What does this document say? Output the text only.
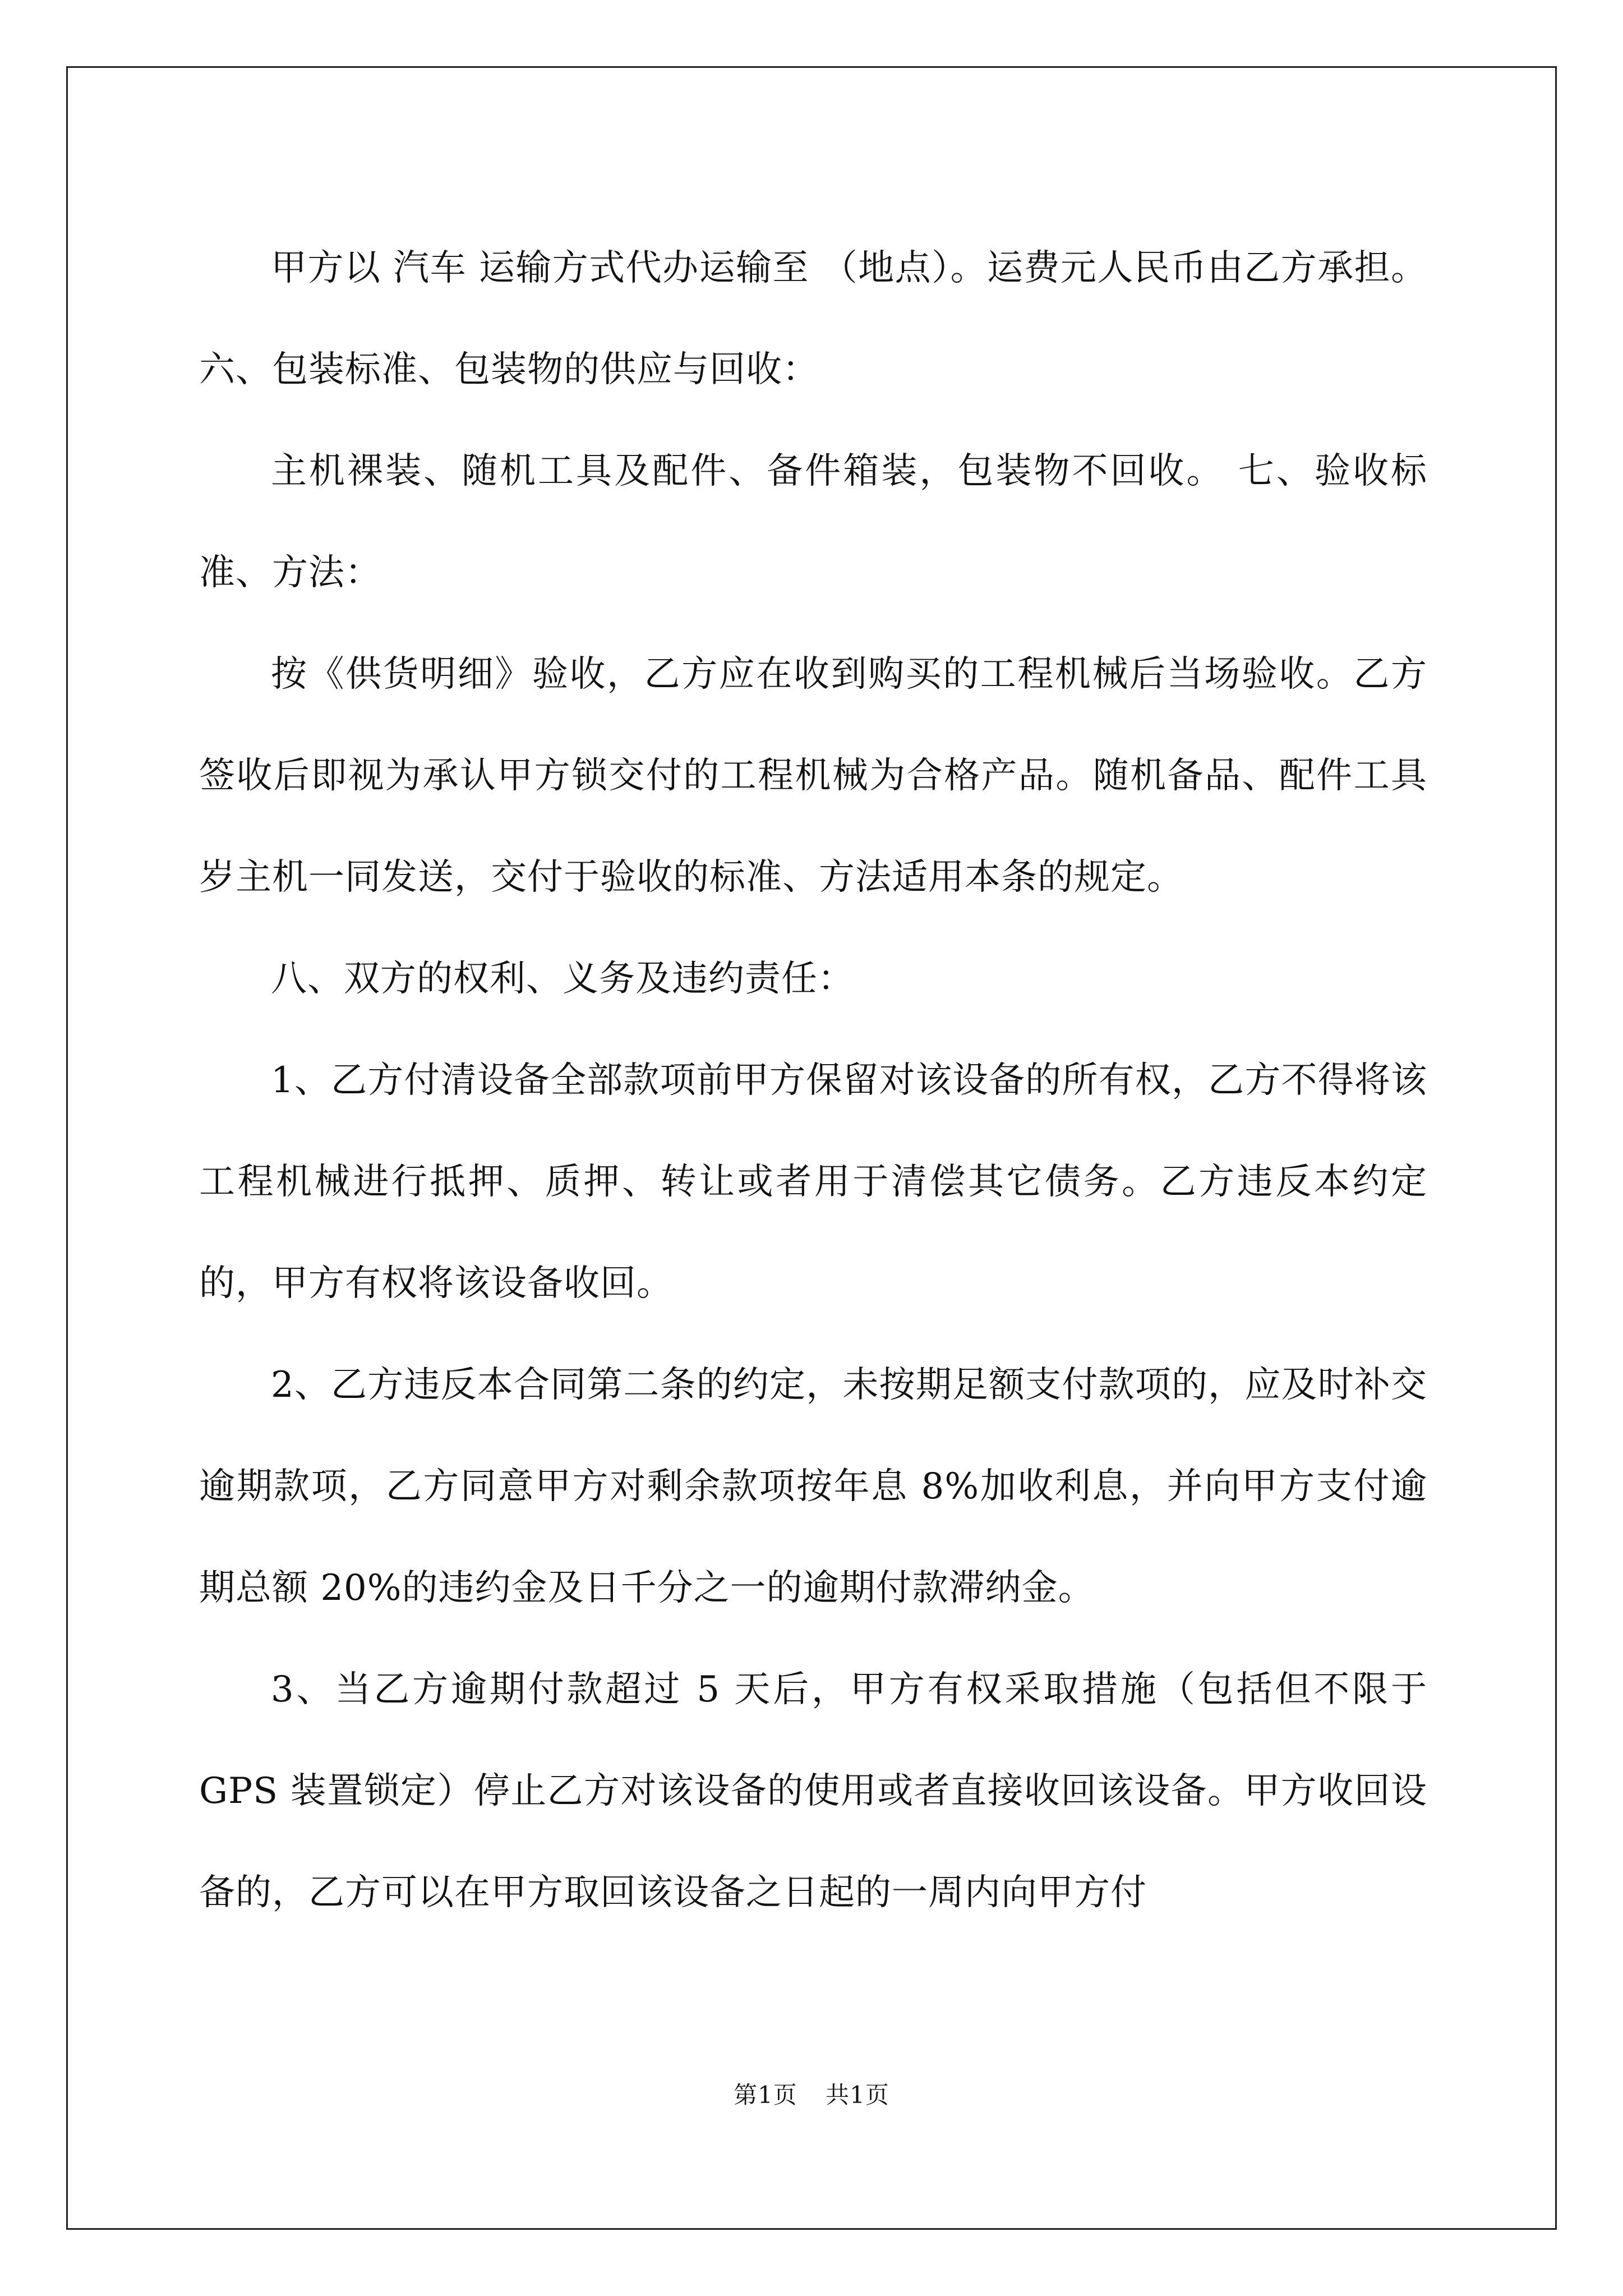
甲方以 汽车 运输方式代办运输至 （地点）。运费元人民币由乙方承担。 六、包装标准、包装物的供应与回收：

主机裸装、随机工具及配件、备件箱装，包装物不回收。 七、验收标准、方法：

按《供货明细》验收，乙方应在收到购买的工程机械后当场验收。乙方签收后即视为承认甲方锁交付的工程机械为合格产品。随机备品、配件工具岁主机一同发送，交付于验收的标准、方法适用本条的规定。

八、双方的权利、义务及违约责任：

1、乙方付清设备全部款项前甲方保留对该设备的所有权，乙方不得将该工程机械进行抵押、质押、转让或者用于清偿其它债务。乙方违反本约定的，甲方有权将该设备收回。

2、乙方违反本合同第二条的约定，未按期足额支付款项的，应及时补交逾期款项，乙方同意甲方对剩余款项按年息 8%加收利息，并向甲方支付逾期总额 20%的违约金及日千分之一的逾期付款滞纳金。

3、当乙方逾期付款超过 5 天后，甲方有权采取措施（包括但不限于 GPS 装置锁定）停止乙方对该设备的使用或者直接收回该设备。甲方收回设备的，乙方可以在甲方取回该设备之日起的一周内向甲方付

第1页 共1页
